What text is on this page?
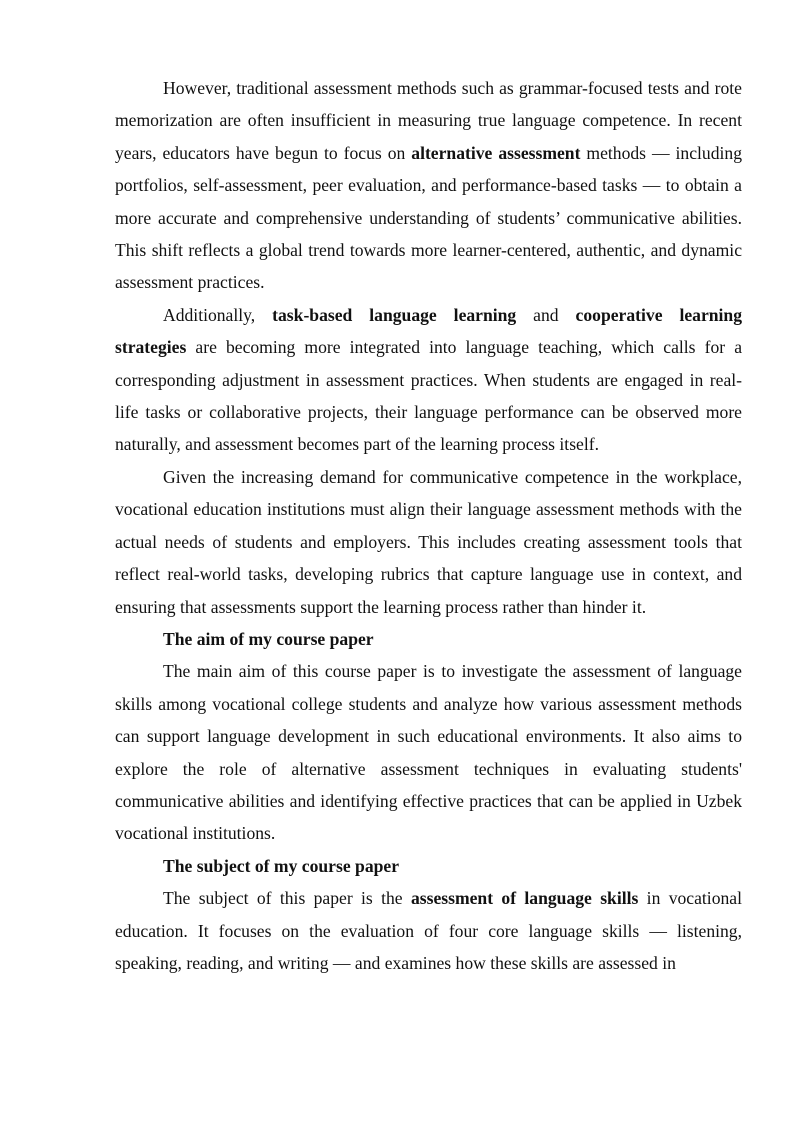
However, traditional assessment methods such as grammar-focused tests and rote memorization are often insufficient in measuring true language competence. In recent years, educators have begun to focus on alternative assessment methods — including portfolios, self-assessment, peer evaluation, and performance-based tasks — to obtain a more accurate and comprehensive understanding of students’ communicative abilities. This shift reflects a global trend towards more learner-centered, authentic, and dynamic assessment practices.

Additionally, task-based language learning and cooperative learning strategies are becoming more integrated into language teaching, which calls for a corresponding adjustment in assessment practices. When students are engaged in real-life tasks or collaborative projects, their language performance can be observed more naturally, and assessment becomes part of the learning process itself.

Given the increasing demand for communicative competence in the workplace, vocational education institutions must align their language assessment methods with the actual needs of students and employers. This includes creating assessment tools that reflect real-world tasks, developing rubrics that capture language use in context, and ensuring that assessments support the learning process rather than hinder it.

The aim of my course paper

The main aim of this course paper is to investigate the assessment of language skills among vocational college students and analyze how various assessment methods can support language development in such educational environments. It also aims to explore the role of alternative assessment techniques in evaluating students' communicative abilities and identifying effective practices that can be applied in Uzbek vocational institutions.

The subject of my course paper

The subject of this paper is the assessment of language skills in vocational education. It focuses on the evaluation of four core language skills — listening, speaking, reading, and writing — and examines how these skills are assessed in
